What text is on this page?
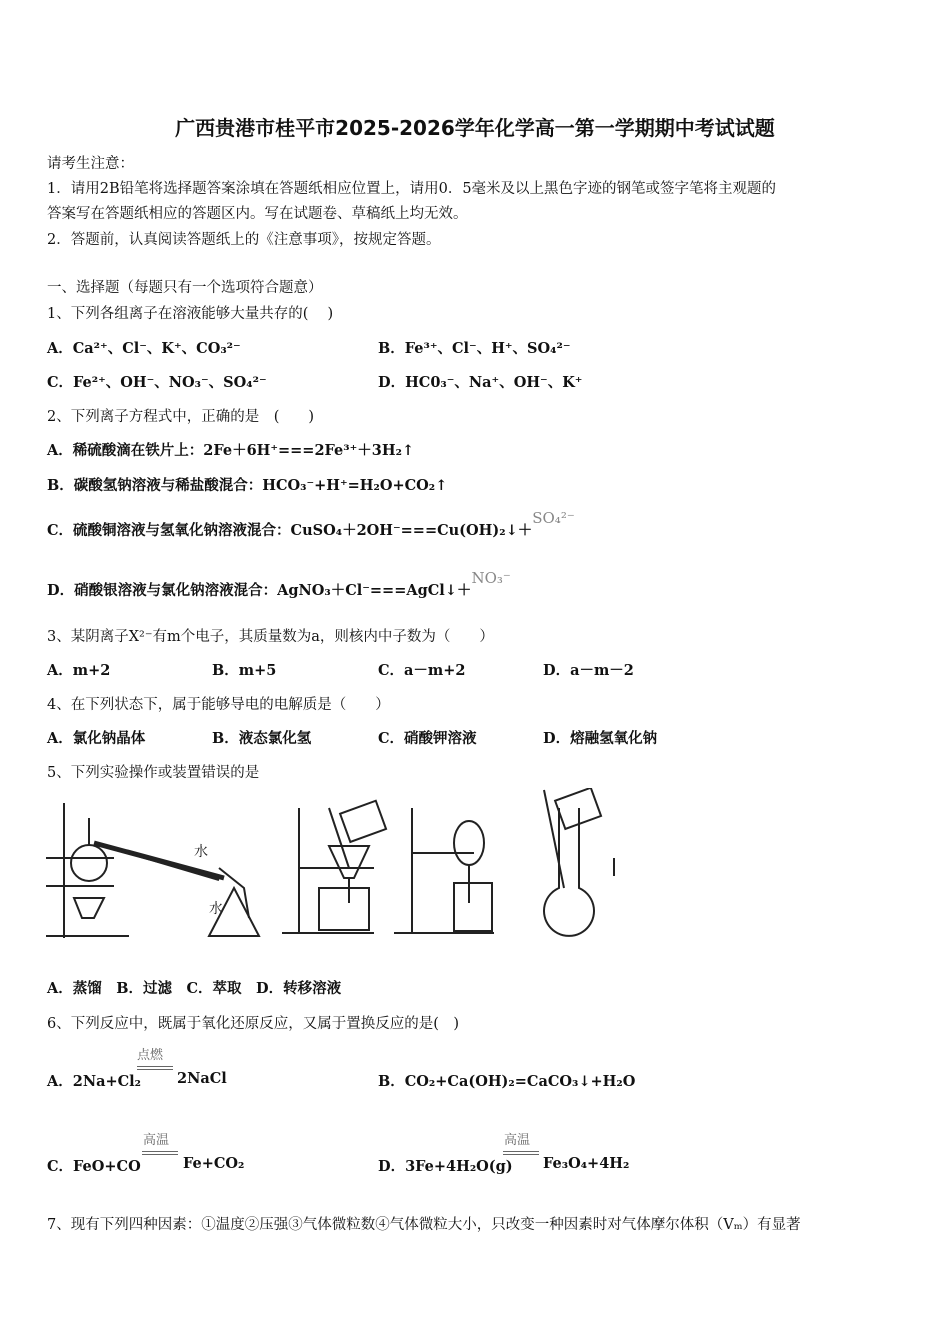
广西贵港市桂平市2025-2026学年化学高一第一学期期中考试试题
请考生注意：
1．请用2B铅笔将选择题答案涂填在答题纸相应位置上，请用0．5毫米及以上黑色字迹的钢笔或签字笔将主观题的
答案写在答题纸相应的答题区内。写在试题卷、草稿纸上均无效。
2．答题前，认真阅读答题纸上的《注意事项》，按规定答题。
一、选择题（每题只有一个选项符合题意）
1、下列各组离子在溶液能够大量共存的(　 )
A．Ca²⁺、Cl⁻、K⁺、CO₃²⁻	B．Fe³⁺、Cl⁻、H⁺、SO₄²⁻
C．Fe²⁺、OH⁻、NO₃⁻、SO₄²⁻	D．HC0₃⁻、Na⁺、OH⁻、K⁺
2、下列离子方程式中，正确的是　(　　)
A．稀硫酸滴在铁片上：2Fe＋6H⁺===2Fe³⁺＋3H₂↑
B．碳酸氢钠溶液与稀盐酸混合：HCO₃⁻+H⁺=H₂O+CO₂↑
C．硫酸铜溶液与氢氧化钠溶液混合：CuSO₄＋2OH⁻===Cu(OH)₂↓＋SO₄²⁻
D．硝酸银溶液与氯化钠溶液混合：AgNO₃＋Cl⁻===AgCl↓＋NO₃⁻
3、某阴离子X²⁻有m个电子，其质量数为a，则核内中子数为（　　）
A．m+2	B．m+5	C．a－m+2	D．a－m－2
4、在下列状态下，属于能够导电的电解质是（　　）
A．氯化钠晶体	B．液态氯化氢	C．硝酸钾溶液	D．熔融氢氧化钠
5、下列实验操作或装置错误的是
水
水
A．蒸馏　B．过滤　C．萃取　D．转移溶液
6、下列反应中，既属于氧化还原反应，又属于置换反应的是(　)
A．2Na+Cl₂
点燃
2NaCl	B．CO₂+Ca(OH)₂=CaCO₃↓+H₂O
C．FeO+CO
高温
Fe+CO₂	D．3Fe+4H₂O(g)
高温
Fe₃O₄+4H₂
7、现有下列四种因素：①温度②压强③气体微粒数④气体微粒大小，只改变一种因素时对气体摩尔体积（Vₘ）有显著
